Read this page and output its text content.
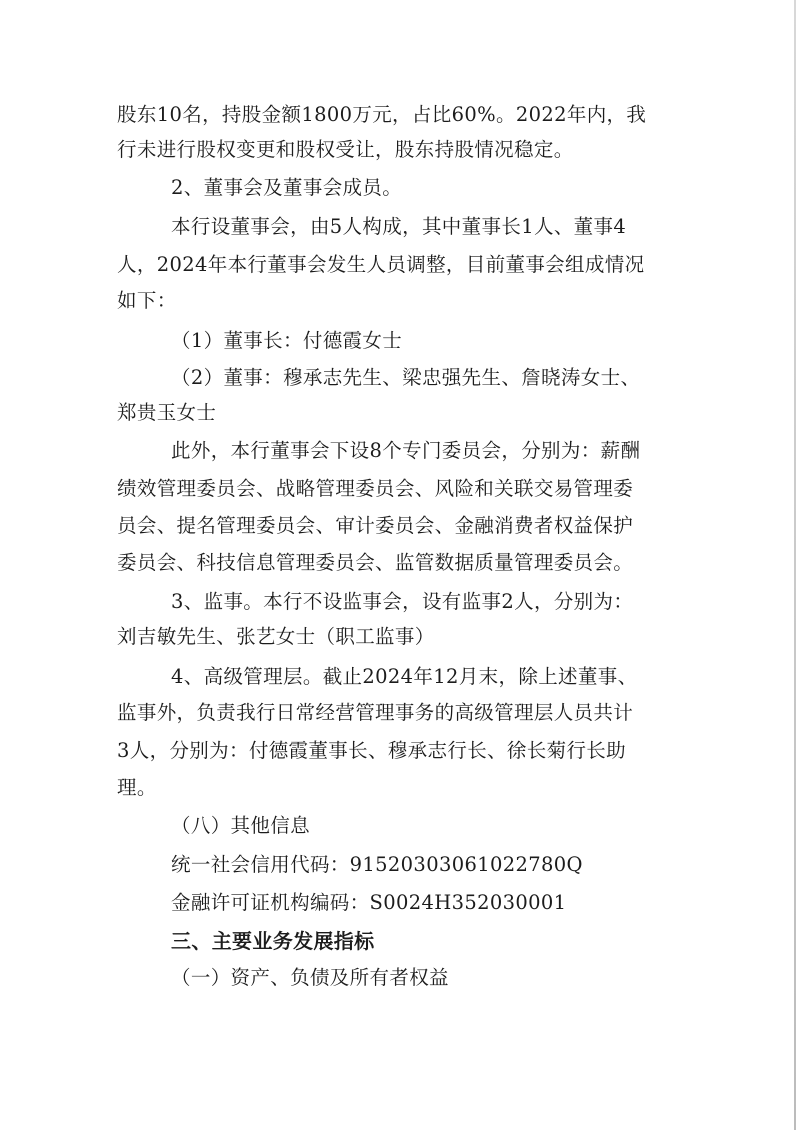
股东10名，持股金额1800万元，占比60%。2022年内，我
行未进行股权变更和股权受让，股东持股情况稳定。
2、董事会及董事会成员。
本行设董事会，由5人构成，其中董事长1人、董事4
人，2024年本行董事会发生人员调整，目前董事会组成情况
如下：
（1）董事长：付德霞女士
（2）董事：穆承志先生、梁忠强先生、詹晓涛女士、
郑贵玉女士
此外，本行董事会下设8个专门委员会，分别为：薪酬
绩效管理委员会、战略管理委员会、风险和关联交易管理委
员会、提名管理委员会、审计委员会、金融消费者权益保护
委员会、科技信息管理委员会、监管数据质量管理委员会。
3、监事。本行不设监事会，设有监事2人，分别为：
刘吉敏先生、张艺女士（职工监事）
4、高级管理层。截止2024年12月末，除上述董事、
监事外，负责我行日常经营管理事务的高级管理层人员共计
3人，分别为：付德霞董事长、穆承志行长、徐长菊行长助
理。
（八）其他信息
统一社会信用代码：91520303061022780Q
金融许可证机构编码：S0024H352030001
三、主要业务发展指标
（一）资产、负债及所有者权益
